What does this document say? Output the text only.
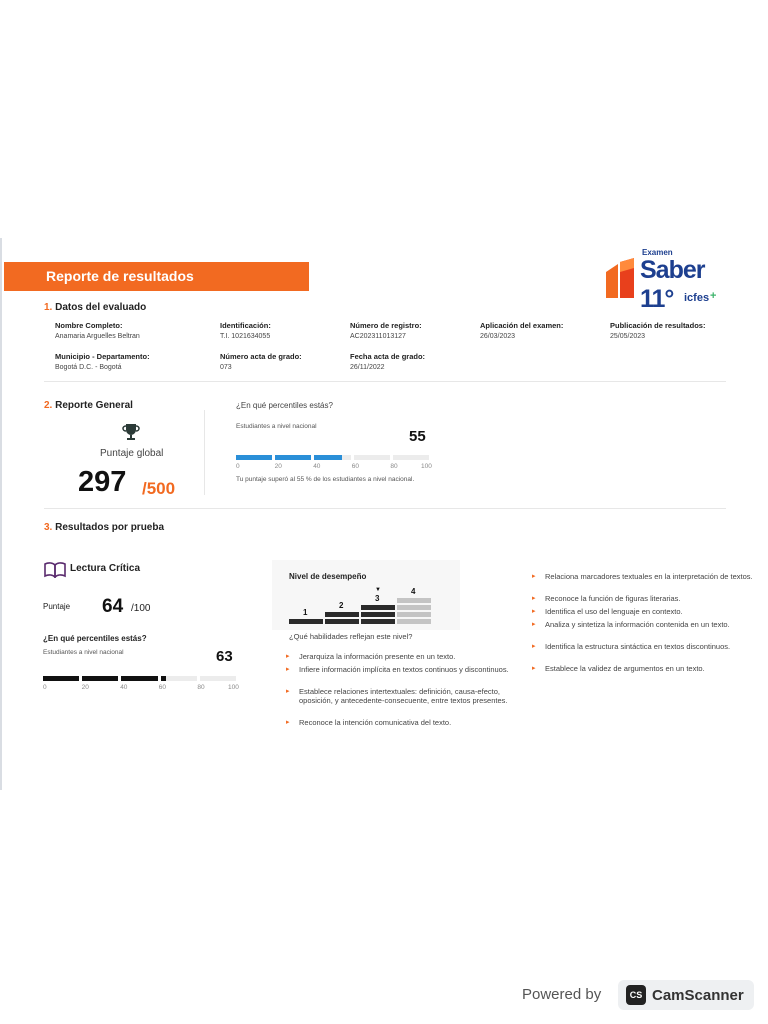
Reporte de resultados
Examen
Saber 11° icfes +
1. Datos del evaluado
Nombre Completo:
Anamaria Arguelles Beltran
Identificación:
T.I. 1021634055
Número de registro:
AC202311013127
Aplicación del examen:
26/03/2023
Publicación de resultados:
25/05/2023
Municipio - Departamento:
Bogotá D.C. - Bogotá
Número acta de grado:
073
Fecha acta de grado:
26/11/2022
2. Reporte General
Puntaje global
297 /500
¿En qué percentiles estás?
Estudiantes a nivel nacional
55
0	20	40	60	80	100
Tu puntaje superó al 55 % de los estudiantes a nivel nacional.
3. Resultados por prueba
Lectura Crítica
Puntaje 64 /100
¿En qué percentiles estás?
Estudiantes a nivel nacional	63
0	20	40	60	80	100
Nivel de desempeño
1
2
3
▼	4
¿Qué habilidades reflejan este nivel?
▸ Jerarquiza la información presente en un texto.
▸ Infiere información implícita en textos continuos y discontinuos.
▸ Establece relaciones intertextuales: definición, causa-efecto, oposición, y antecedente-consecuente, entre textos presentes.
▸ Reconoce la intención comunicativa del texto.
▸ Relaciona marcadores textuales en la interpretación de textos.
▸ Reconoce la función de figuras literarias.
▸ Identifica el uso del lenguaje en contexto.
▸ Analiza y sintetiza la información contenida en un texto.
▸ Identifica la estructura sintáctica en textos discontinuos.
▸ Establece la validez de argumentos en un texto.
Powered by	CS CamScanner
